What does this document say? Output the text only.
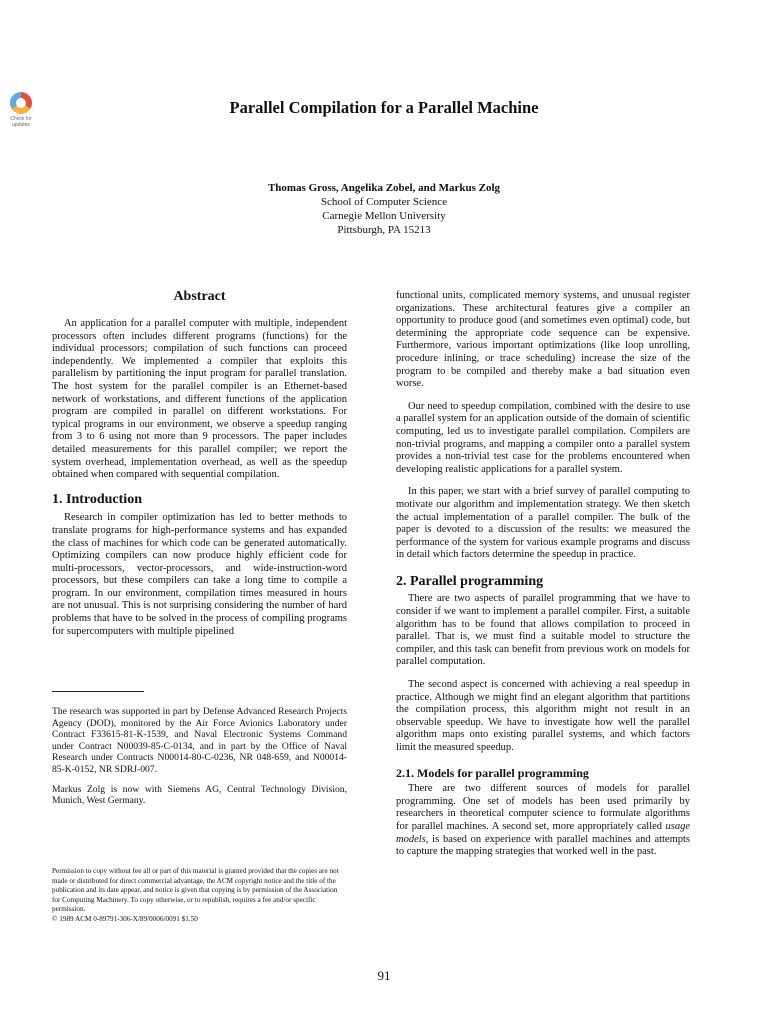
Check for updates
Parallel Compilation for a Parallel Machine
Thomas Gross, Angelika Zobel, and Markus Zolg
School of Computer Science
Carnegie Mellon University
Pittsburgh, PA 15213
Abstract

An application for a parallel computer with multiple, independent processors often includes different programs (functions) for the individual processors; compilation of such functions can proceed independently. We implemented a compiler that exploits this parallelism by partitioning the input program for parallel translation. The host system for the parallel compiler is an Ethernet-based network of workstations, and different functions of the application program are compiled in parallel on different workstations. For typical programs in our environment, we observe a speedup ranging from 3 to 6 using not more than 9 processors. The paper includes detailed measurements for this parallel compiler; we report the system overhead, implementation overhead, as well as the speedup obtained when compared with sequential compilation.

1. Introduction

Research in compiler optimization has led to better methods to translate programs for high-performance systems and has expanded the class of machines for which code can be generated automatically. Optimizing compilers can now produce highly efficient code for multi-processors, vector-processors, and wide-instruction-word processors, but these compilers can take a long time to compile a program. In our environment, compilation times measured in hours are not unusual. This is not surprising considering the number of hard problems that have to be solved in the process of compiling programs for supercomputers with multiple pipelined

The research was supported in part by Defense Advanced Research Projects Agency (DOD), monitored by the Air Force Avionics Laboratory under Contract F33615-81-K-1539, and Naval Electronic Systems Command under Contract N00039-85-C-0134, and in part by the Office of Naval Research under Contracts N00014-80-C-0236, NR 048-659, and N00014-85-K-0152, NR SDRJ-007.

Markus Zolg is now with Siemens AG, Central Technology Division, Munich, West Germany.

Permission to copy without fee all or part of this material is granted provided that the copies are not made or distributed for direct commercial advantage, the ACM copyright notice and the title of the publication and its date appear, and notice is given that copying is by permission of the Association for Computing Machinery. To copy otherwise, or to republish, requires a fee and/or specific permission.

© 1989 ACM 0-89791-306-X/89/0006/0091 $1.50

functional units, complicated memory systems, and unusual register organizations. These architectural features give a compiler an opportunity to produce good (and sometimes even optimal) code, but determining the appropriate code sequence can be expensive. Furthermore, various important optimizations (like loop unrolling, procedure inlining, or trace scheduling) increase the size of the program to be compiled and thereby make a bad situation even worse.

Our need to speedup compilation, combined with the desire to use a parallel system for an application outside of the domain of scientific computing, led us to investigate parallel compilation. Compilers are non-trivial programs, and mapping a compiler onto a parallel system provides a non-trivial test case for the problems encountered when developing realistic applications for a parallel system.

In this paper, we start with a brief survey of parallel computing to motivate our algorithm and implementation strategy. We then sketch the actual implementation of a parallel compiler. The bulk of the paper is devoted to a discussion of the results: we measured the performance of the system for various example programs and discuss in detail which factors determine the speedup in practice.

2. Parallel programming

There are two aspects of parallel programming that we have to consider if we want to implement a parallel compiler. First, a suitable algorithm has to be found that allows compilation to proceed in parallel. That is, we must find a suitable model to structure the compiler, and this task can benefit from previous work on models for parallel computation.

The second aspect is concerned with achieving a real speedup in practice. Although we might find an elegant algorithm that partitions the compilation process, this algorithm might not result in an observable speedup. We have to investigate how well the parallel algorithm maps onto existing parallel systems, and which factors limit the measured speedup.

2.1. Models for parallel programming

There are two different sources of models for parallel programming. One set of models has been used primarily by researchers in theoretical computer science to formulate algorithms for parallel machines. A second set, more appropriately called usage models, is based on experience with parallel machines and attempts to capture the mapping strategies that worked well in the past.

91
